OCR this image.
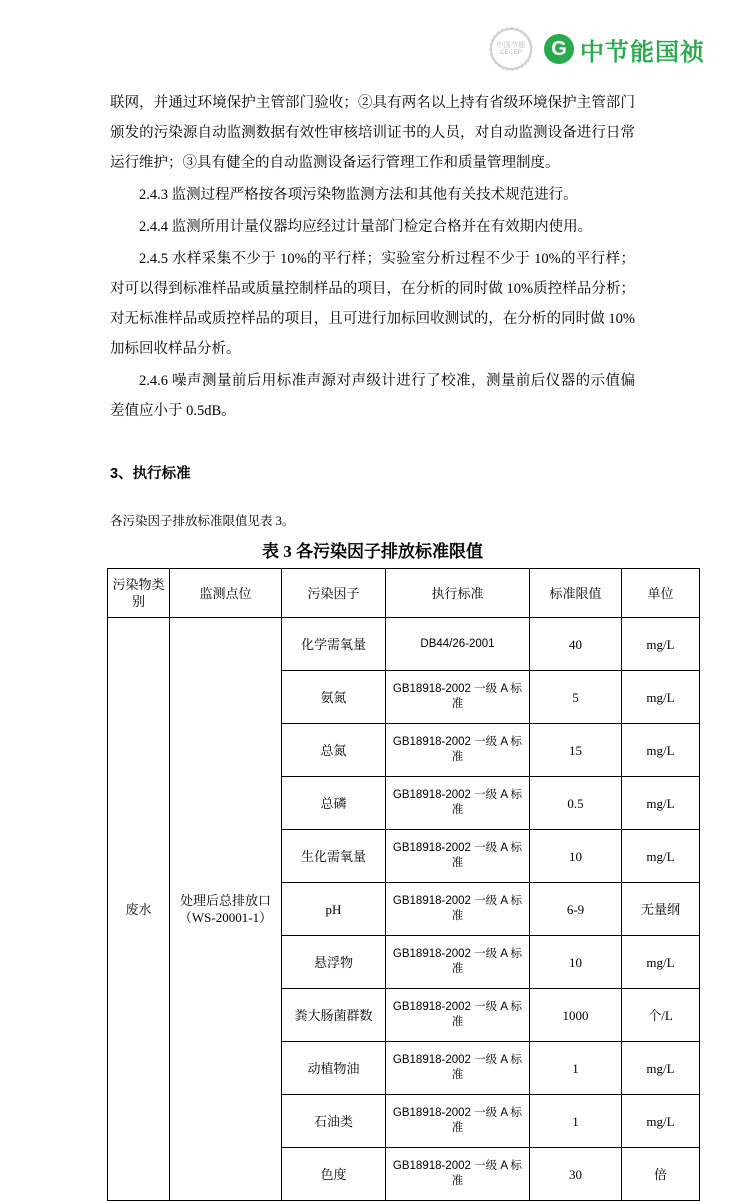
中国节能
CECEP	G 中节能国祯

联网，并通过环境保护主管部门验收；②具有两名以上持有省级环境保护主管部门颁发的污染源自动监测数据有效性审核培训证书的人员，对自动监测设备进行日常运行维护；③具有健全的自动监测设备运行管理工作和质量管理制度。

2.4.3 监测过程严格按各项污染物监测方法和其他有关技术规范进行。

2.4.4 监测所用计量仪器均应经过计量部门检定合格并在有效期内使用。

2.4.5 水样采集不少于 10%的平行样；实验室分析过程不少于 10%的平行样；对可以得到标准样品或质量控制样品的项目，在分析的同时做 10%质控样品分析；对无标准样品或质控样品的项目，且可进行加标回收测试的，在分析的同时做 10%加标回收样品分析。

2.4.6 噪声测量前后用标准声源对声级计进行了校准，测量前后仪器的示值偏差值应小于 0.5dB。

3、执行标准

各污染因子排放标准限值见表 3。

表 3 各污染因子排放标准限值
污染物类别	监测点位	污染因子	执行标准	标准限值	单位
废水	处理后总排放口（WS-20001-1）	化学需氧量	DB44/26-2001	40	mg/L
		氨氮	GB18918-2002 一级 A 标准	5	mg/L
		总氮	GB18918-2002 一级 A 标准	15	mg/L
		总磷	GB18918-2002 一级 A 标准	0.5	mg/L
		生化需氧量	GB18918-2002 一级 A 标准	10	mg/L
		pH	GB18918-2002 一级 A 标准	6-9	无量纲
		悬浮物	GB18918-2002 一级 A 标准	10	mg/L
		粪大肠菌群数	GB18918-2002 一级 A 标准	1000	个/L
		动植物油	GB18918-2002 一级 A 标准	1	mg/L
		石油类	GB18918-2002 一级 A 标准	1	mg/L
		色度	GB18918-2002 一级 A 标准	30	倍
